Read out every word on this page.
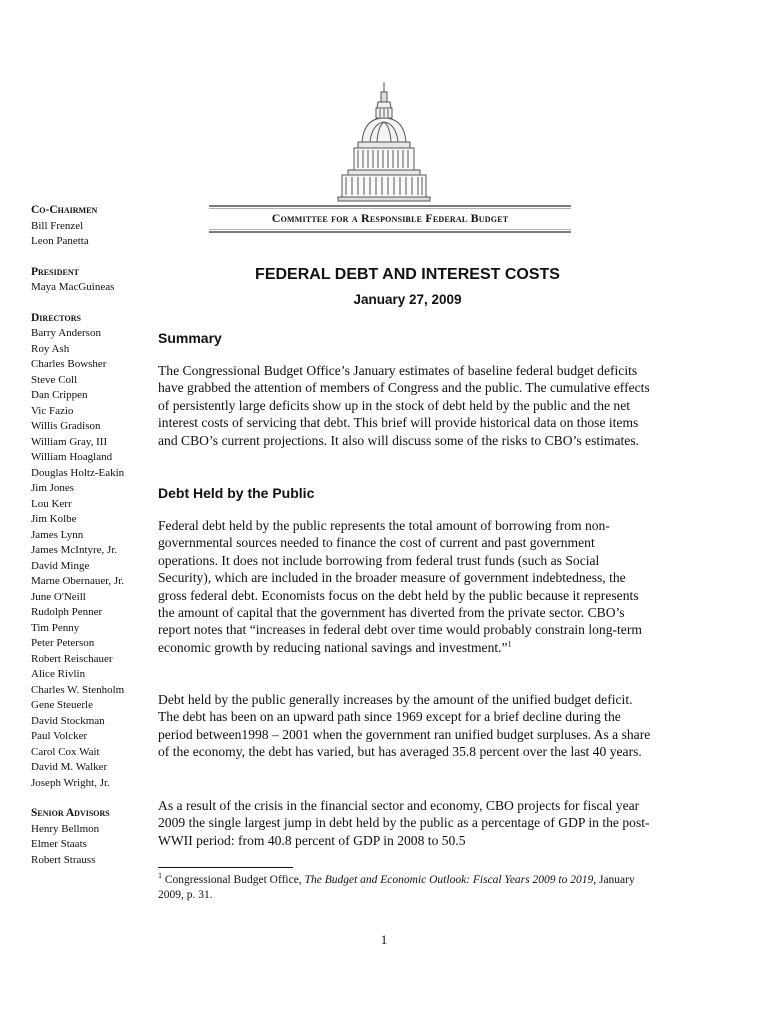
Committee for a Responsible Federal Budget
Co-Chairmen
Bill Frenzel
Leon Panetta
President
Maya MacGuineas
Directors
Barry Anderson
Roy Ash
Charles Bowsher
Steve Coll
Dan Crippen
Vic Fazio
Willis Gradison
William Gray, III
William Hoagland
Douglas Holtz-Eakin
Jim Jones
Lou Kerr
Jim Kolbe
James Lynn
James McIntyre, Jr.
David Minge
Marne Obernauer, Jr.
June O'Neill
Rudolph Penner
Tim Penny
Peter Peterson
Robert Reischauer
Alice Rivlin
Charles W. Stenholm
Gene Steuerle
David Stockman
Paul Volcker
Carol Cox Wait
David M. Walker
Joseph Wright, Jr.
Senior Advisors
Henry Bellmon
Elmer Staats
Robert Strauss
FEDERAL DEBT AND INTEREST COSTS
January 27, 2009
Summary

The Congressional Budget Office’s January estimates of baseline federal budget deficits have grabbed the attention of members of Congress and the public. The cumulative effects of persistently large deficits show up in the stock of debt held by the public and the net interest costs of servicing that debt. This brief will provide historical data on those items and CBO’s current projections. It also will discuss some of the risks to CBO’s estimates.

Debt Held by the Public

Federal debt held by the public represents the total amount of borrowing from non-governmental sources needed to finance the cost of current and past government operations. It does not include borrowing from federal trust funds (such as Social Security), which are included in the broader measure of government indebtedness, the gross federal debt. Economists focus on the debt held by the public because it represents the amount of capital that the government has diverted from the private sector. CBO’s report notes that “increases in federal debt over time would probably constrain long-term economic growth by reducing national savings and investment.”$^1$

Debt held by the public generally increases by the amount of the unified budget deficit. The debt has been on an upward path since 1969 except for a brief decline during the period between1998 – 2001 when the government ran unified budget surpluses. As a share of the economy, the debt has varied, but has averaged 35.8 percent over the last 40 years.

As a result of the crisis in the financial sector and economy, CBO projects for fiscal year 2009 the single largest jump in debt held by the public as a percentage of GDP in the post-WWII period: from 40.8 percent of GDP in 2008 to 50.5

$^1$ Congressional Budget Office, The Budget and Economic Outlook: Fiscal Years 2009 to 2019, January 2009, p. 31.
1
